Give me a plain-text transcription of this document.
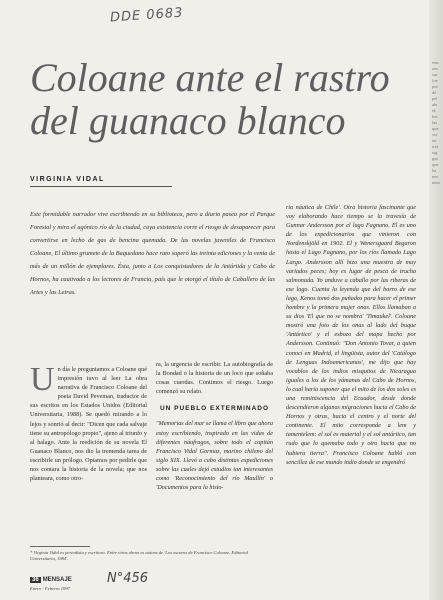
DDE 0683
Coloane ante el rastro
del guanaco blanco
VIRGINIA VIDAL
Este formidable narrador vive escribiendo en su biblioteca, pero a diario pasea por el Parque Forestal y mira el agónico río de la ciudad, cuya existencia corre el riesgo de desaparecer para convertirse en lecho de gas de bencina quemada. De las novelas juveniles de Francisco Coloane, El último grumete de la Baquedano hace rato superó las treinta ediciones y la venta de más de un millón de ejemplares. Ésta, junto a Los conquistadores de la Antártida y Cabo de Hornos, ha cautivado a los lectores de Francia, país que le otorgó el título de Caballero de las Artes y las Letras.
U n día le preguntamos a Coloane qué impresión tuvo al leer La obra narrativa de Francisco Coloane del poeta David Peveman, traductor de sus escritos en los Estados Unidos (Editorial Universitaria, 1988). Se quedó mirando a lo lejos y sonrió al decir: "Dicen que cada salvaje tiene su antropólogo propio", ajeno al triunfo y al halago. Ante la reedición de su novela El Guanaco Blanco, nos dio la tremenda tarea de escribirle un prólogo. Optamos por pedirle que nos contara la historia de la novela; que nos planteara, como otro-
ra, la urgencia de escribir. La autobiografía de la Bondad o la historia de un loco que soñaba cosas cuerdas. Contimos el riesgo. Luego comenzó su relato.
UN PUEBLO EXTERMINADO
"Memorias del mar se llama el libro que ahora estoy escribiendo, inspirado en las vidas de diferentes náufragos, sobre todo el capitán Francisco Vidal Gormaz, marino chileno del siglo XIX. Llevó a cabo distintas expediciones sobre las cuales dejó estudios tan interesantes como 'Reconocimiento del río Maullín' o 'Documentos para la histo-
ria náutica de Chile'. Otra historia fascinante que voy elaborando hace tiempo se la travesía de Gunnar Andersson por el lago Fagnano. El es uno de los expedicionarios que vinieron con Nordenskjöld en 1902. El y Wenersgaard Begaron hasta el Lago Fagnano, por los ríos llamado Lago Largo. Andersson allí hizo una muestra de muy variados peces; hoy es lugar de pesca de trucha salmonada. Yo anduve a caballo por las riberas de ese lago. Cuenta la leyenda que del barro de ese lago, Kenos tomó dos puñados para hacer el primer hombre y la primera mujer onas. Ellos llamaban a su dios 'El que no se nombra' 'Timaukel'. Coloane mostró una foto de los onas al lado del buque 'Antártico' y el esbozo del mapa hecho por Andersson. Continuó: "Don Antonio Tovar, a quien conocí en Madrid, el lingüista, autor del 'Catálogo de Lenguas Indoamericanas', me dijo que hay vocablos de los indios misquitos de Nicaragua iguales a los de los yámanas del Cabo de Hornos, lo cual haría suponer que el mito de los dos soles es una reminiscencia del Ecuador, desde donde descendieron algunas migraciones hacia el Cabo de Hornos y otras, hacia el centro y el norte del continente. El mito corresponde a lem y tamentelem: el sol es material y el sol antártico, tan rudo que lo quemaba todo y otro hacia que no hubiera tierra". Francisco Coloane habló con sencillez de ese mundo indio donde se engendró
* Virginia Vidal es periodista y escritora. Entre otras obras es autora de 'Los oscuros de Francisco Coloane, Editorial Universitaria, 1984'.
36 MENSAJE
Enero - Febrero 1997
N°456
ven zes sur fue por dé pel ale el, len las que vis ter trat sig gur que ha nes men
